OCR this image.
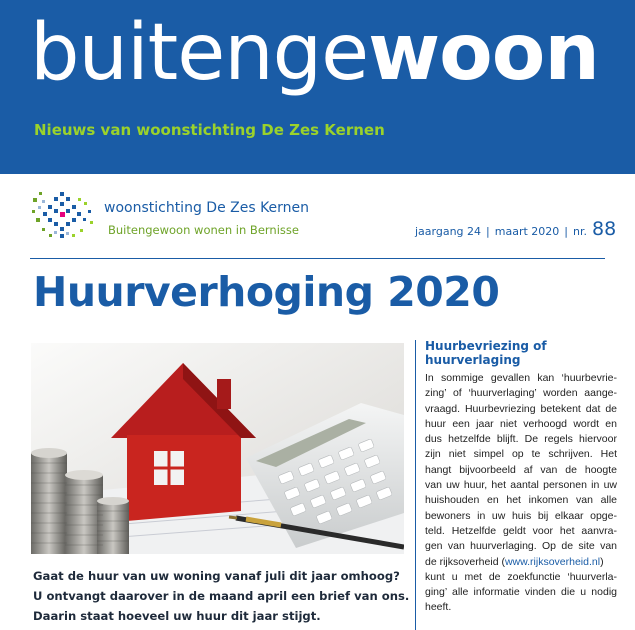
buitengewoon
Nieuws van woonstichting De Zes Kernen
woonstichting De Zes Kernen
Buitengewoon wonen in Bernisse	jaargang 24 | maart 2020 | nr. 88
Huurverhoging 2020
Gaat de huur van uw woning vanaf juli dit jaar omhoog?
U ontvangt daarover in de maand april een brief van ons.
Daarin staat hoeveel uw huur dit jaar stijgt.
Huurbevriezing of
huurverlaging
In sommige gevallen kan ‘huurbevrie-
zing’ of ‘huurverlaging’ worden aange-
vraagd. Huurbevriezing betekent dat de
huur een jaar niet verhoogd wordt en
dus hetzelfde blijft. De regels hiervoor
zijn niet simpel op te schrijven. Het
hangt bijvoorbeeld af van de hoogte
van uw huur, het aantal personen in uw
huishouden en het inkomen van alle
bewoners in uw huis bij elkaar opge-
teld. Hetzelfde geldt voor het aanvra-
gen van huurverlaging. Op de site van
de rijksoverheid (www.rijksoverheid.nl)
kunt u met de zoekfunctie ‘huurverla-
ging’ alle informatie vinden die u nodig
heeft.
